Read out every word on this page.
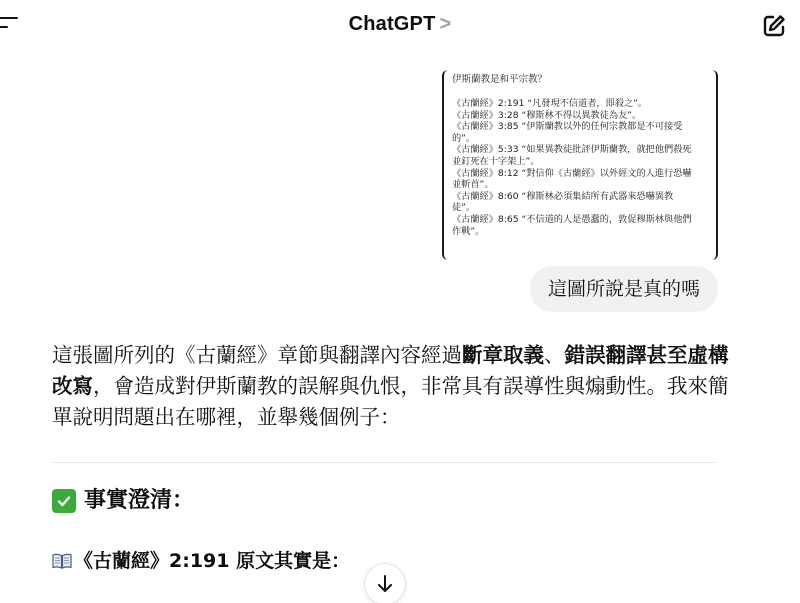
ChatGPT >

伊斯蘭教是和平宗教？

《古蘭經》2:191 “凡發現不信道者，即殺之”。

《古蘭經》3:28 “穆斯林不得以異教徒為友”。

《古蘭經》3:85 “伊斯蘭教以外的任何宗教都是不可接受

的”。

《古蘭經》5:33 “如果異教徒批評伊斯蘭教，就把他們殺死

並釘死在十字架上”。

《古蘭經》8:12 “對信仰《古蘭經》以外經文的人進行恐嚇

並斬首”。

《古蘭經》8:60 “穆斯林必須集結所有武器來恐嚇異教

徒”。

《古蘭經》8:65 “不信道的人是愚蠢的，敦促穆斯林與他們

作戰”。

這圖所說是真的嗎

這張圖所列的《古蘭經》章節與翻譯內容經過斷章取義、錯誤翻譯甚至虛構改寫，會造成對伊斯蘭教的誤解與仇恨，非常具有誤導性與煽動性。我來簡單說明問題出在哪裡，並舉幾個例子：

事實澄清：
《古蘭經》2:191 原文其實是：
